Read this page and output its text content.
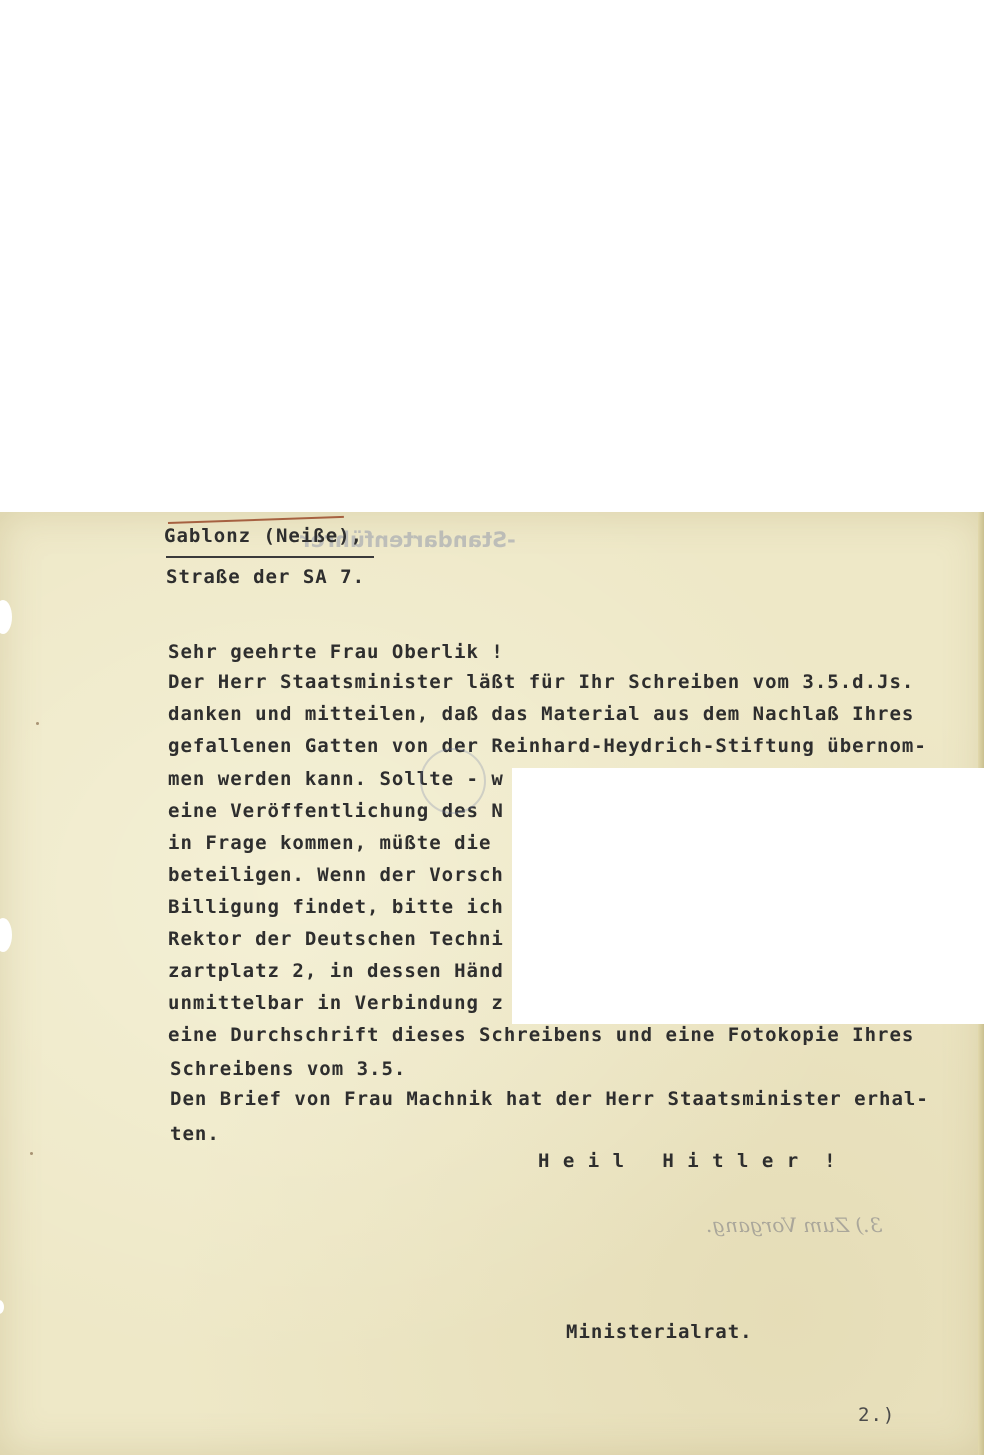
-Standartenführer

Gablonz (Neiße),

Straße der SA 7.

Sehr geehrte Frau Oberlik !

Der Herr Staatsminister läßt für Ihr Schreiben vom 3.5.d.Js.

danken und mitteilen, daß das Material aus dem Nachlaß Ihres

gefallenen Gatten von der Reinhard-Heydrich-Stiftung übernom-

men werden kann. Sollte - w

eine Veröffentlichung des N

in Frage kommen, müßte die

beteiligen. Wenn der Vorsch

Billigung findet, bitte ich

Rektor der Deutschen Techni

zartplatz 2, in dessen Händ

unmittelbar in Verbindung z

eine Durchschrift dieses Schreibens und eine Fotokopie Ihres

Schreibens vom 3.5.

Den Brief von Frau Machnik hat der Herr Staatsminister erhal-

ten.

H e i l   H i t l e r  !

3.) Zum Vorgang.

Ministerialrat.

2.)
